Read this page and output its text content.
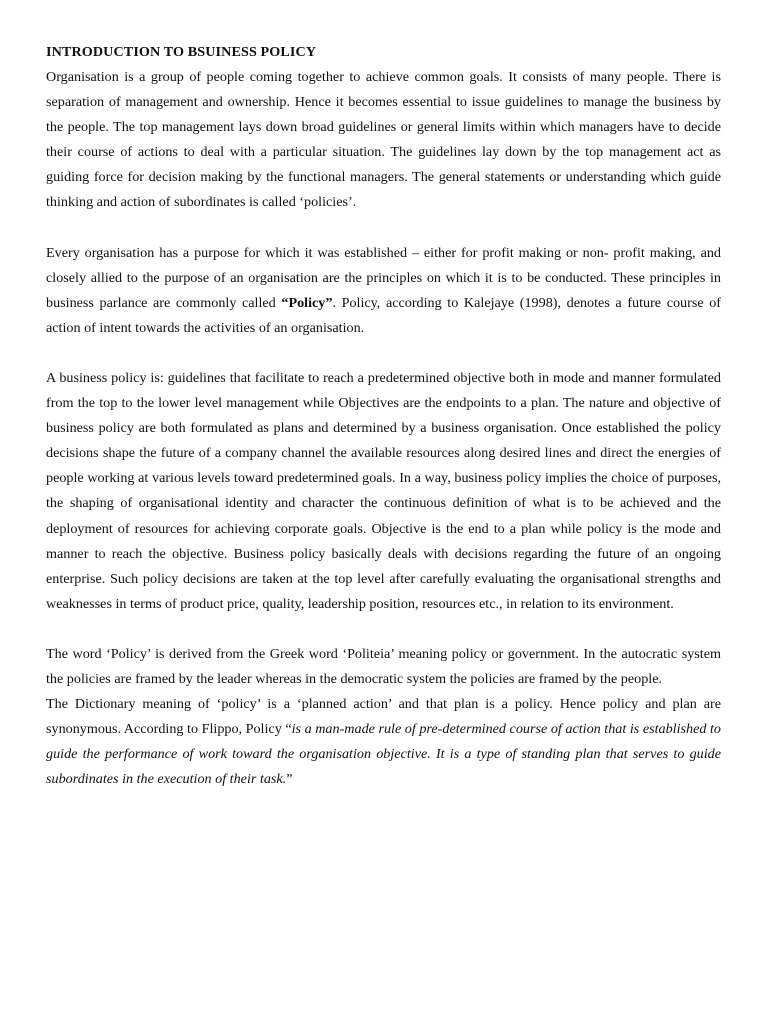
INTRODUCTION TO BSUINESS POLICY

Organisation is a group of people coming together to achieve common goals. It consists of many people. There is separation of management and ownership. Hence it becomes essential to issue guidelines to manage the business by the people. The top management lays down broad guidelines or general limits within which managers have to decide their course of actions to deal with a particular situation. The guidelines lay down by the top management act as guiding force for decision making by the functional managers. The general statements or understanding which guide thinking and action of subordinates is called ‘policies’.

Every organisation has a purpose for which it was established – either for profit making or non- profit making, and closely allied to the purpose of an organisation are the principles on which it is to be conducted. These principles in business parlance are commonly called “Policy”. Policy, according to Kalejaye (1998), denotes a future course of action of intent towards the activities of an organisation.

A business policy is: guidelines that facilitate to reach a predetermined objective both in mode and manner formulated from the top to the lower level management while Objectives are the endpoints to a plan. The nature and objective of business policy are both formulated as plans and determined by a business organisation. Once established the policy decisions shape the future of a company channel the available resources along desired lines and direct the energies of people working at various levels toward predetermined goals. In a way, business policy implies the choice of purposes, the shaping of organisational identity and character the continuous definition of what is to be achieved and the deployment of resources for achieving corporate goals. Objective is the end to a plan while policy is the mode and manner to reach the objective. Business policy basically deals with decisions regarding the future of an ongoing enterprise. Such policy decisions are taken at the top level after carefully evaluating the organisational strengths and weaknesses in terms of product price, quality, leadership position, resources etc., in relation to its environment.

The word ‘Policy’ is derived from the Greek word ‘Politeia’ meaning policy or government. In the autocratic system the policies are framed by the leader whereas in the democratic system the policies are framed by the people.

The Dictionary meaning of ‘policy’ is a ‘planned action’ and that plan is a policy. Hence policy and plan are synonymous. According to Flippo, Policy “is a man-made rule of pre-determined course of action that is established to guide the performance of work toward the organisation objective. It is a type of standing plan that serves to guide subordinates in the execution of their task.”
